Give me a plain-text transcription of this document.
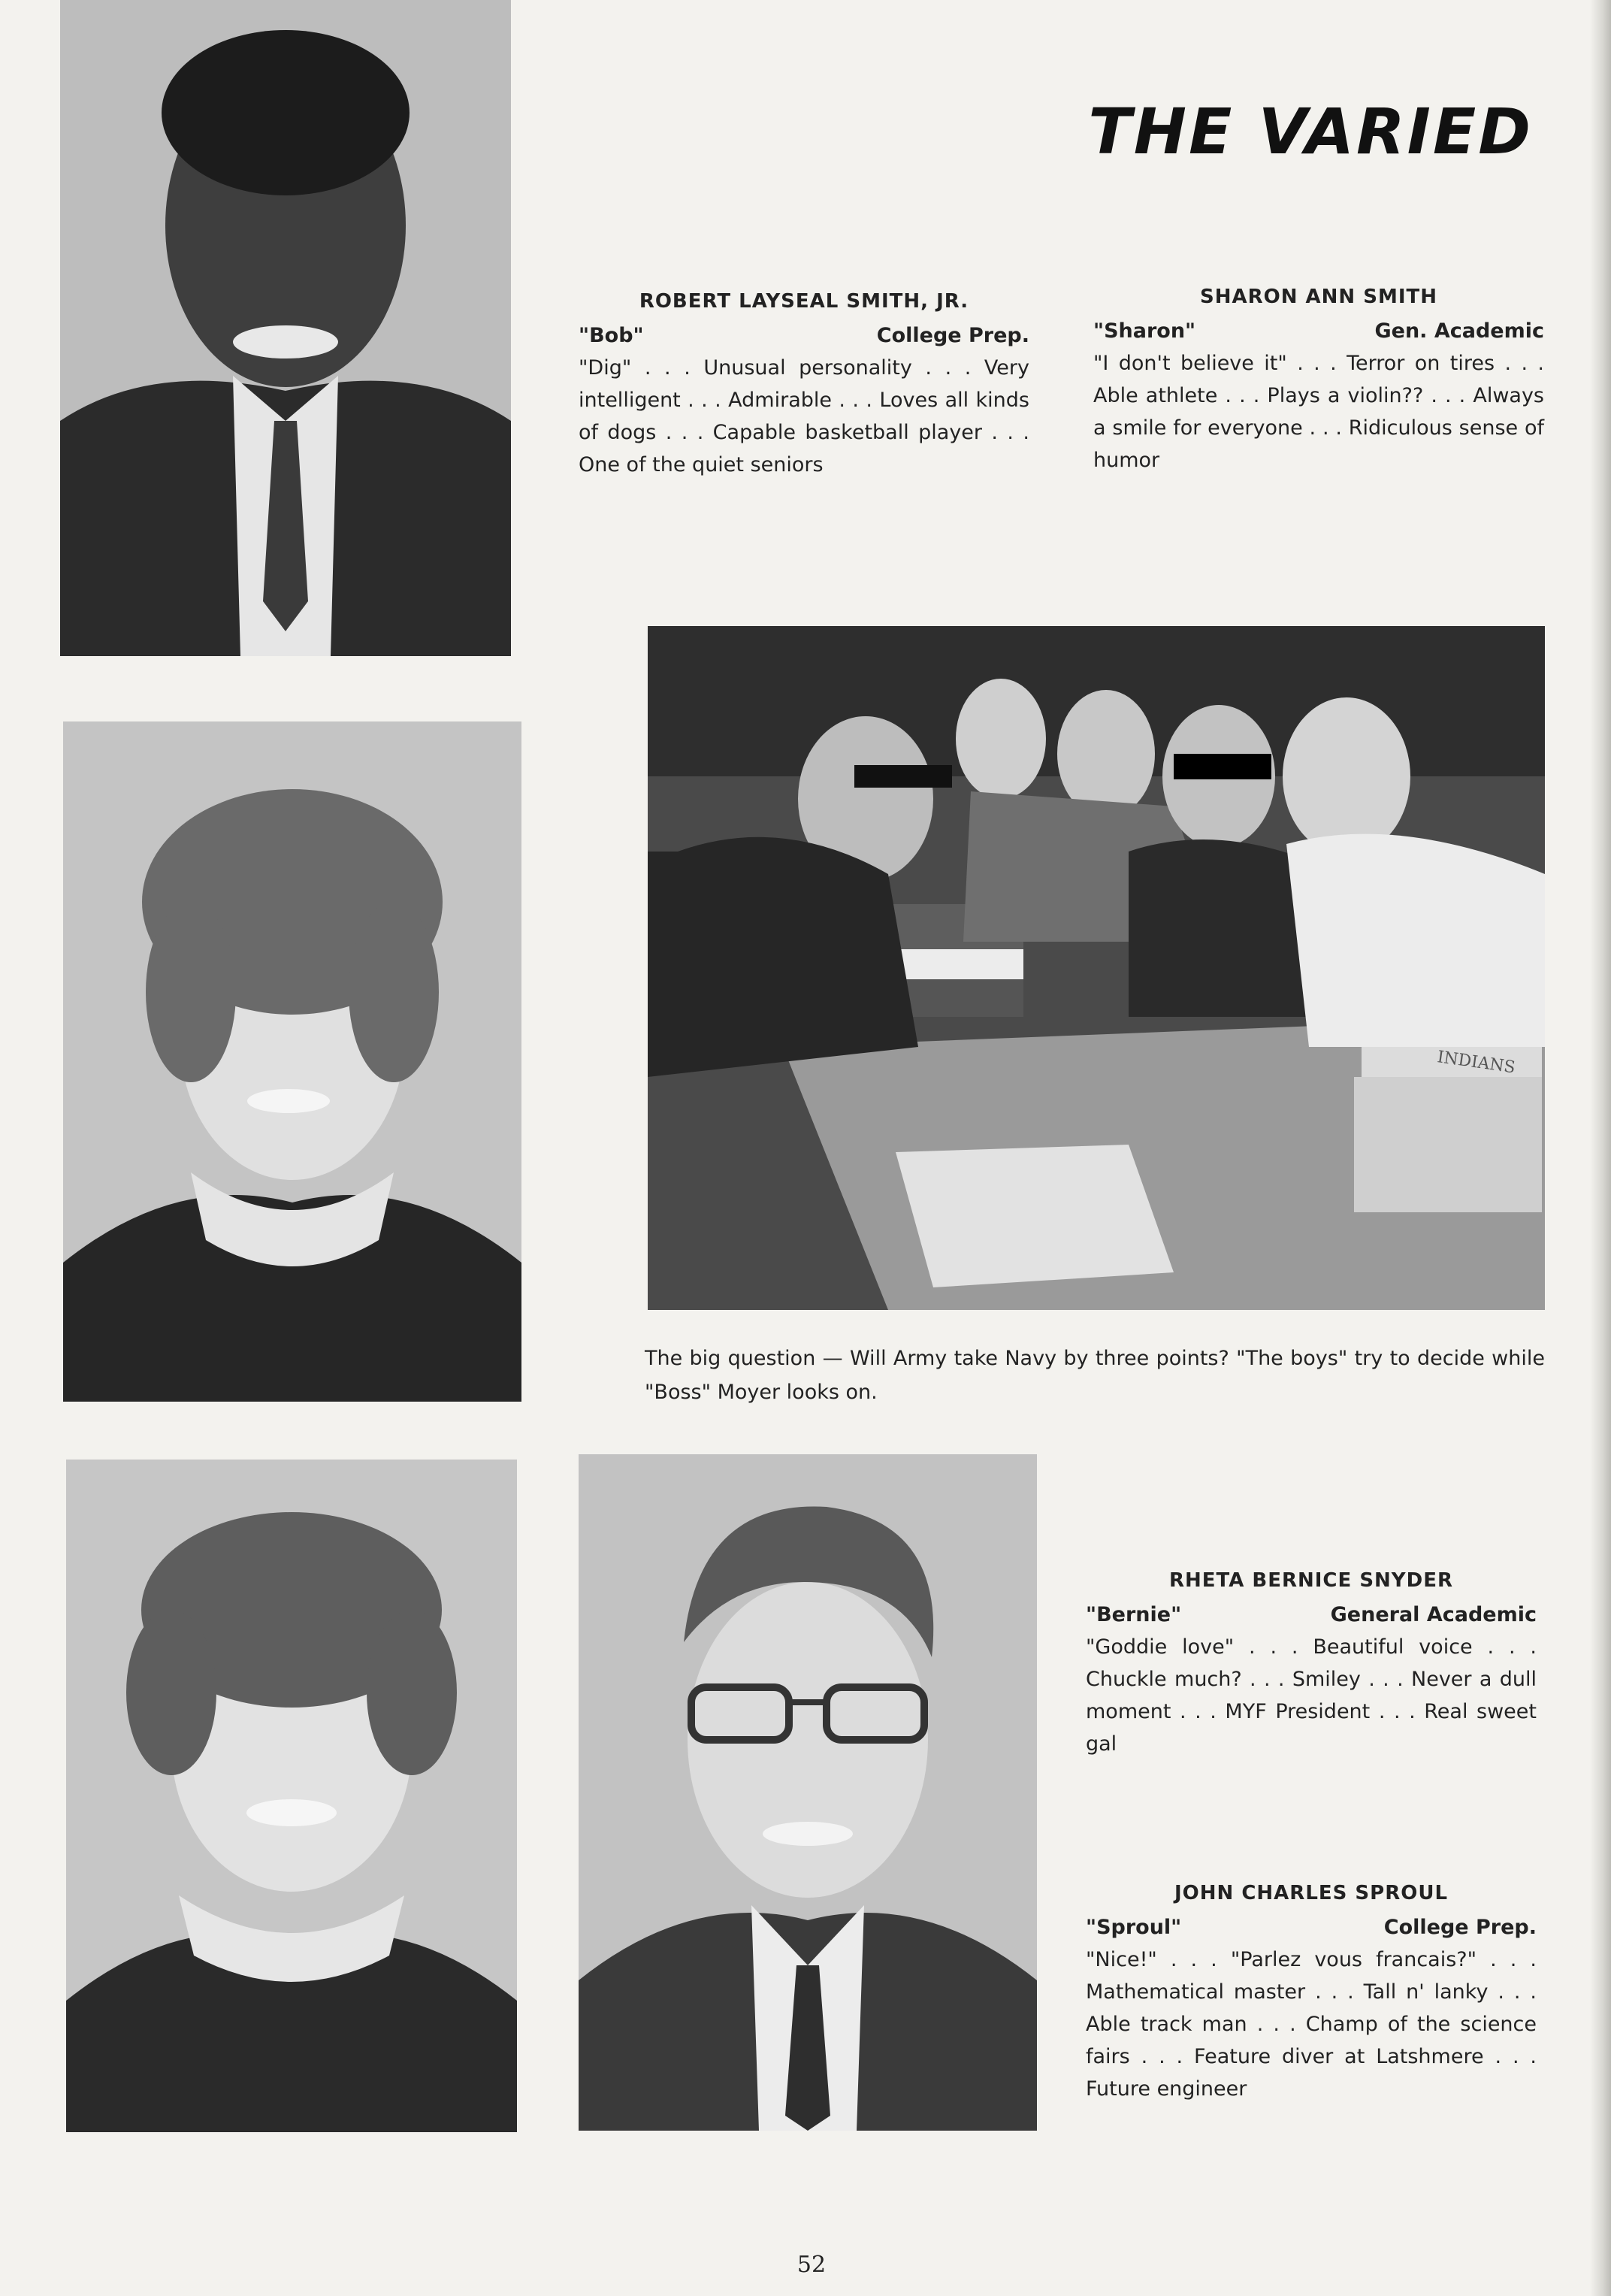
THE VARIED
ROBERT LAYSEAL SMITH, JR.
"Bob"	College Prep.
"Dig" . . . Unusual personality . . . Very intelligent . . . Admirable . . . Loves all kinds of dogs . . . Capable basketball player . . . One of the quiet seniors
SHARON ANN SMITH
"Sharon"	Gen. Academic
"I don't believe it" . . . Terror on tires . . . Able athlete . . . Plays a violin?? . . . Always a smile for everyone . . . Ridiculous sense of humor
INDIANS
The big question — Will Army take Navy by three points? "The boys" try to decide while "Boss" Moyer looks on.
RHETA BERNICE SNYDER
"Bernie"	General Academic
"Goddie love" . . . Beautiful voice . . . Chuckle much? . . . Smiley . . . Never a dull moment . . . MYF President . . . Real sweet gal
JOHN CHARLES SPROUL
"Sproul"	College Prep.
"Nice!" . . . "Parlez vous francais?" . . . Mathematical master . . . Tall n' lanky . . . Able track man . . . Champ of the science fairs . . . Feature diver at Latshmere . . . Future engineer
52
